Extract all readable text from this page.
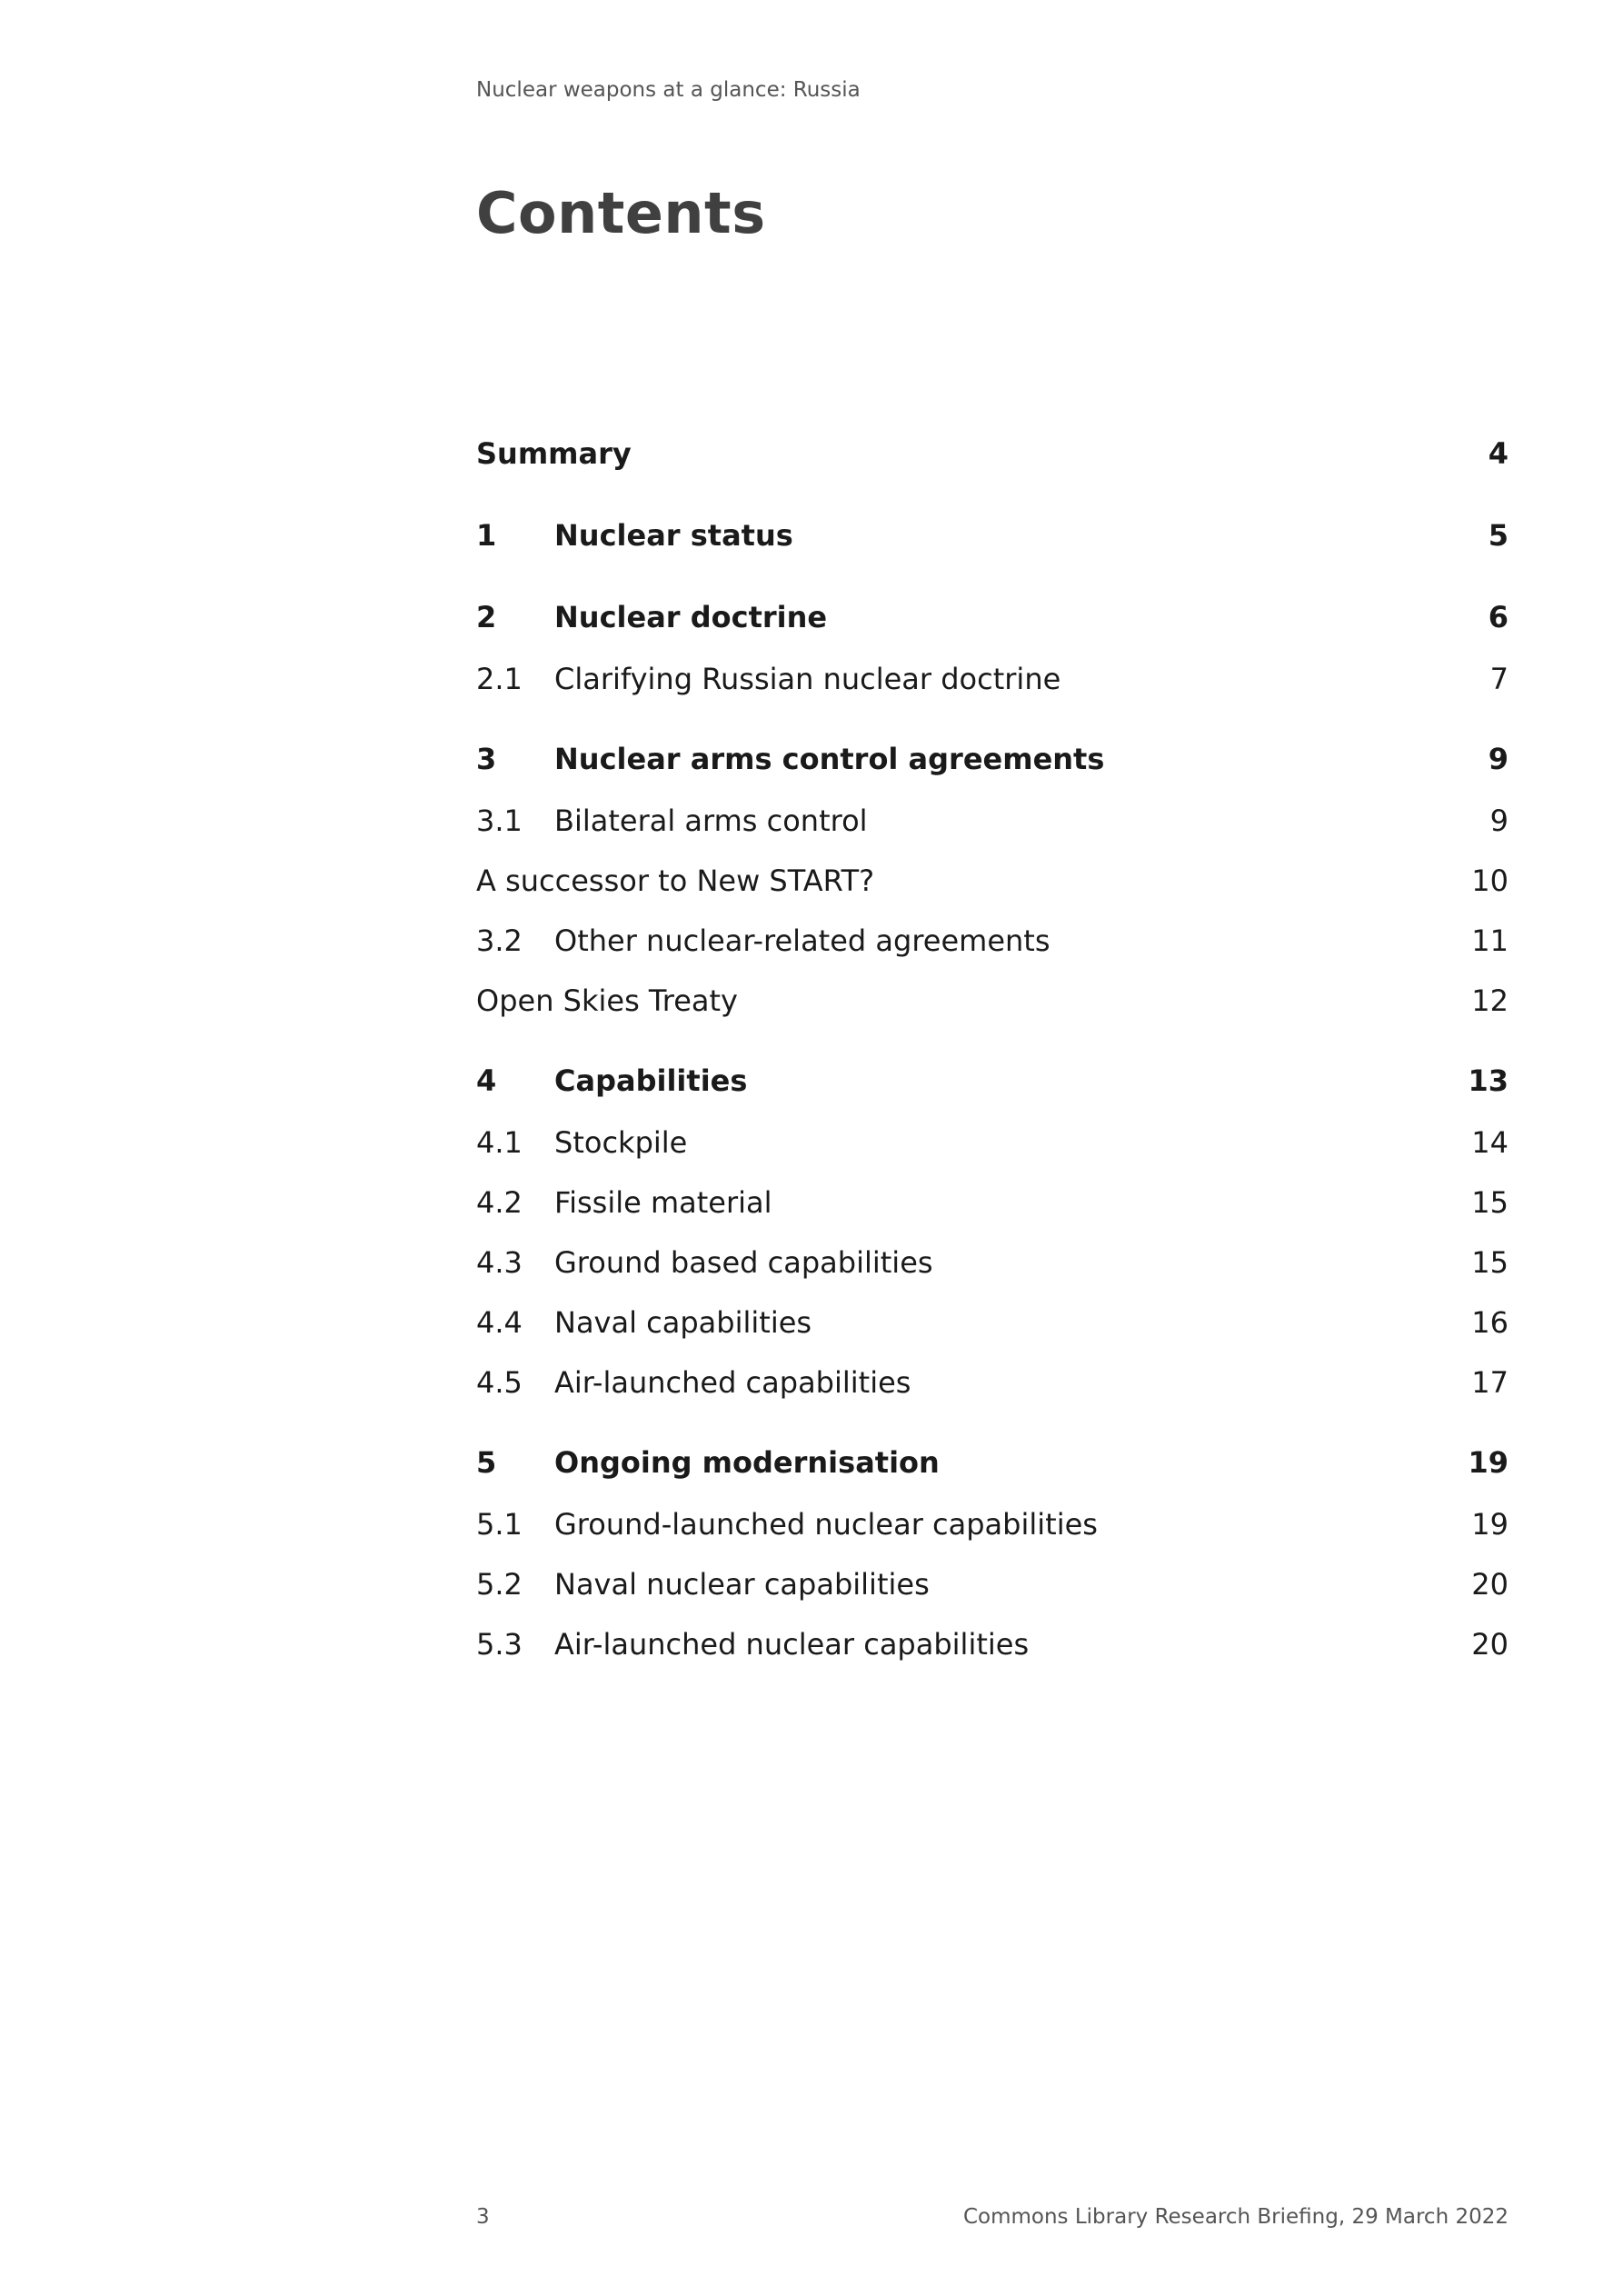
Nuclear weapons at a glance: Russia
Contents
Summary	4
1 Nuclear status	5
2 Nuclear doctrine	6
2.1 Clarifying Russian nuclear doctrine	7
3 Nuclear arms control agreements	9
3.1 Bilateral arms control	9
A successor to New START?	10
3.2 Other nuclear-related agreements	11
Open Skies Treaty	12
4 Capabilities	13
4.1 Stockpile	14
4.2 Fissile material	15
4.3 Ground based capabilities	15
4.4 Naval capabilities	16
4.5 Air-launched capabilities	17
5 Ongoing modernisation	19
5.1 Ground-launched nuclear capabilities	19
5.2 Naval nuclear capabilities	20
5.3 Air-launched nuclear capabilities	20
3	Commons Library Research Briefing, 29 March 2022
